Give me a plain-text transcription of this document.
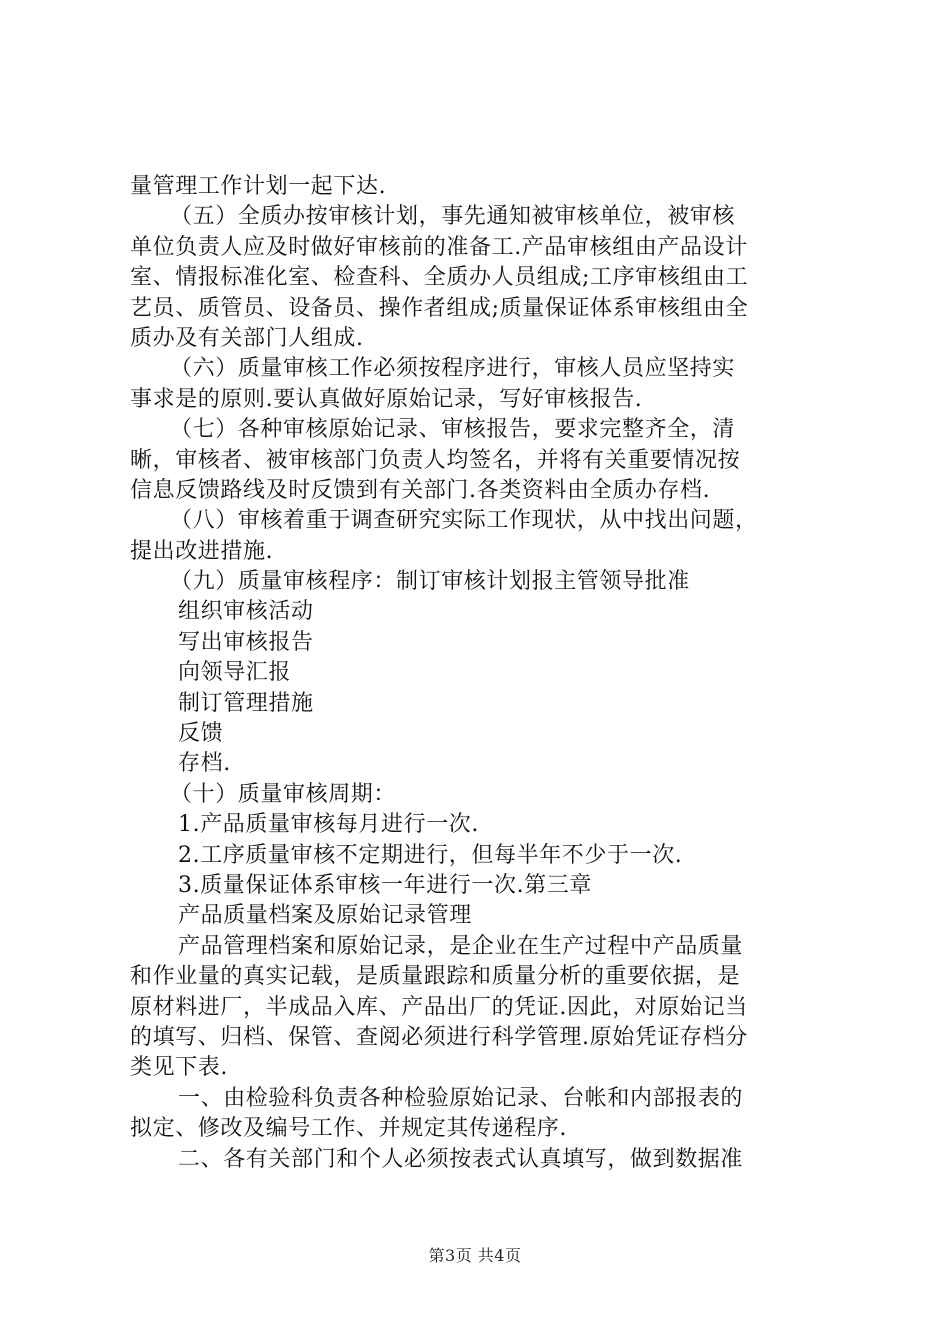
量管理工作计划一起下达.
（五）全质办按审核计划，事先通知被审核单位，被审核
单位负责人应及时做好审核前的准备工.产品审核组由产品设计
室、情报标准化室、检查科、全质办人员组成;工序审核组由工
艺员、质管员、设备员、操作者组成;质量保证体系审核组由全
质办及有关部门人组成.
（六）质量审核工作必须按程序进行，审核人员应坚持实
事求是的原则.要认真做好原始记录，写好审核报告.
（七）各种审核原始记录、审核报告，要求完整齐全，清
晰，审核者、被审核部门负责人均签名，并将有关重要情况按
信息反馈路线及时反馈到有关部门.各类资料由全质办存档.
（八）审核着重于调查研究实际工作现状，从中找出问题，
提出改进措施.
（九）质量审核程序：制订审核计划报主管领导批准
组织审核活动
写出审核报告
向领导汇报
制订管理措施
反馈
存档.
（十）质量审核周期：
1.产品质量审核每月进行一次.
2.工序质量审核不定期进行，但每半年不少于一次.
3.质量保证体系审核一年进行一次.第三章
产品质量档案及原始记录管理
产品管理档案和原始记录，是企业在生产过程中产品质量
和作业量的真实记载，是质量跟踪和质量分析的重要依据，是
原材料进厂，半成品入库、产品出厂的凭证.因此，对原始记当
的填写、归档、保管、查阅必须进行科学管理.原始凭证存档分
类见下表.
一、由检验科负责各种检验原始记录、台帐和内部报表的
拟定、修改及编号工作、并规定其传递程序.
二、各有关部门和个人必须按表式认真填写，做到数据准
第3页 共4页
